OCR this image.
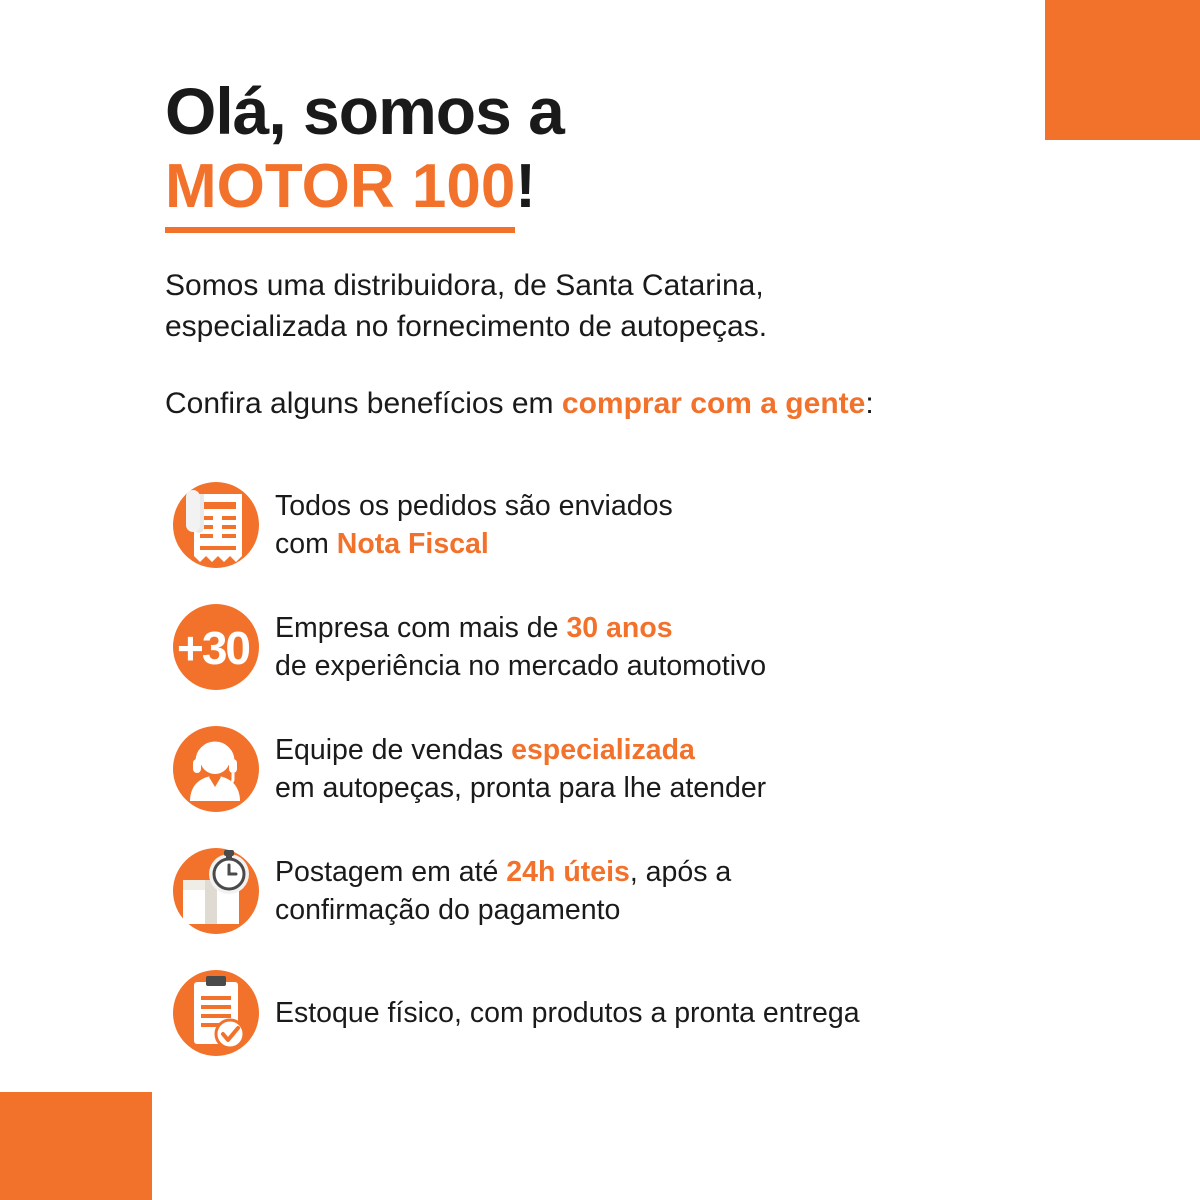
Olá, somos a
MOTOR 100!
Somos uma distribuidora, de Santa Catarina,
especializada no fornecimento de autopeças.
Confira alguns benefícios em comprar com a gente:
Todos os pedidos são enviados
com Nota Fiscal
+30 Empresa com mais de 30 anos
de experiência no mercado automotivo
Equipe de vendas especializada
em autopeças, pronta para lhe atender
Postagem em até 24h úteis, após a
confirmação do pagamento
Estoque físico, com produtos a pronta entrega
